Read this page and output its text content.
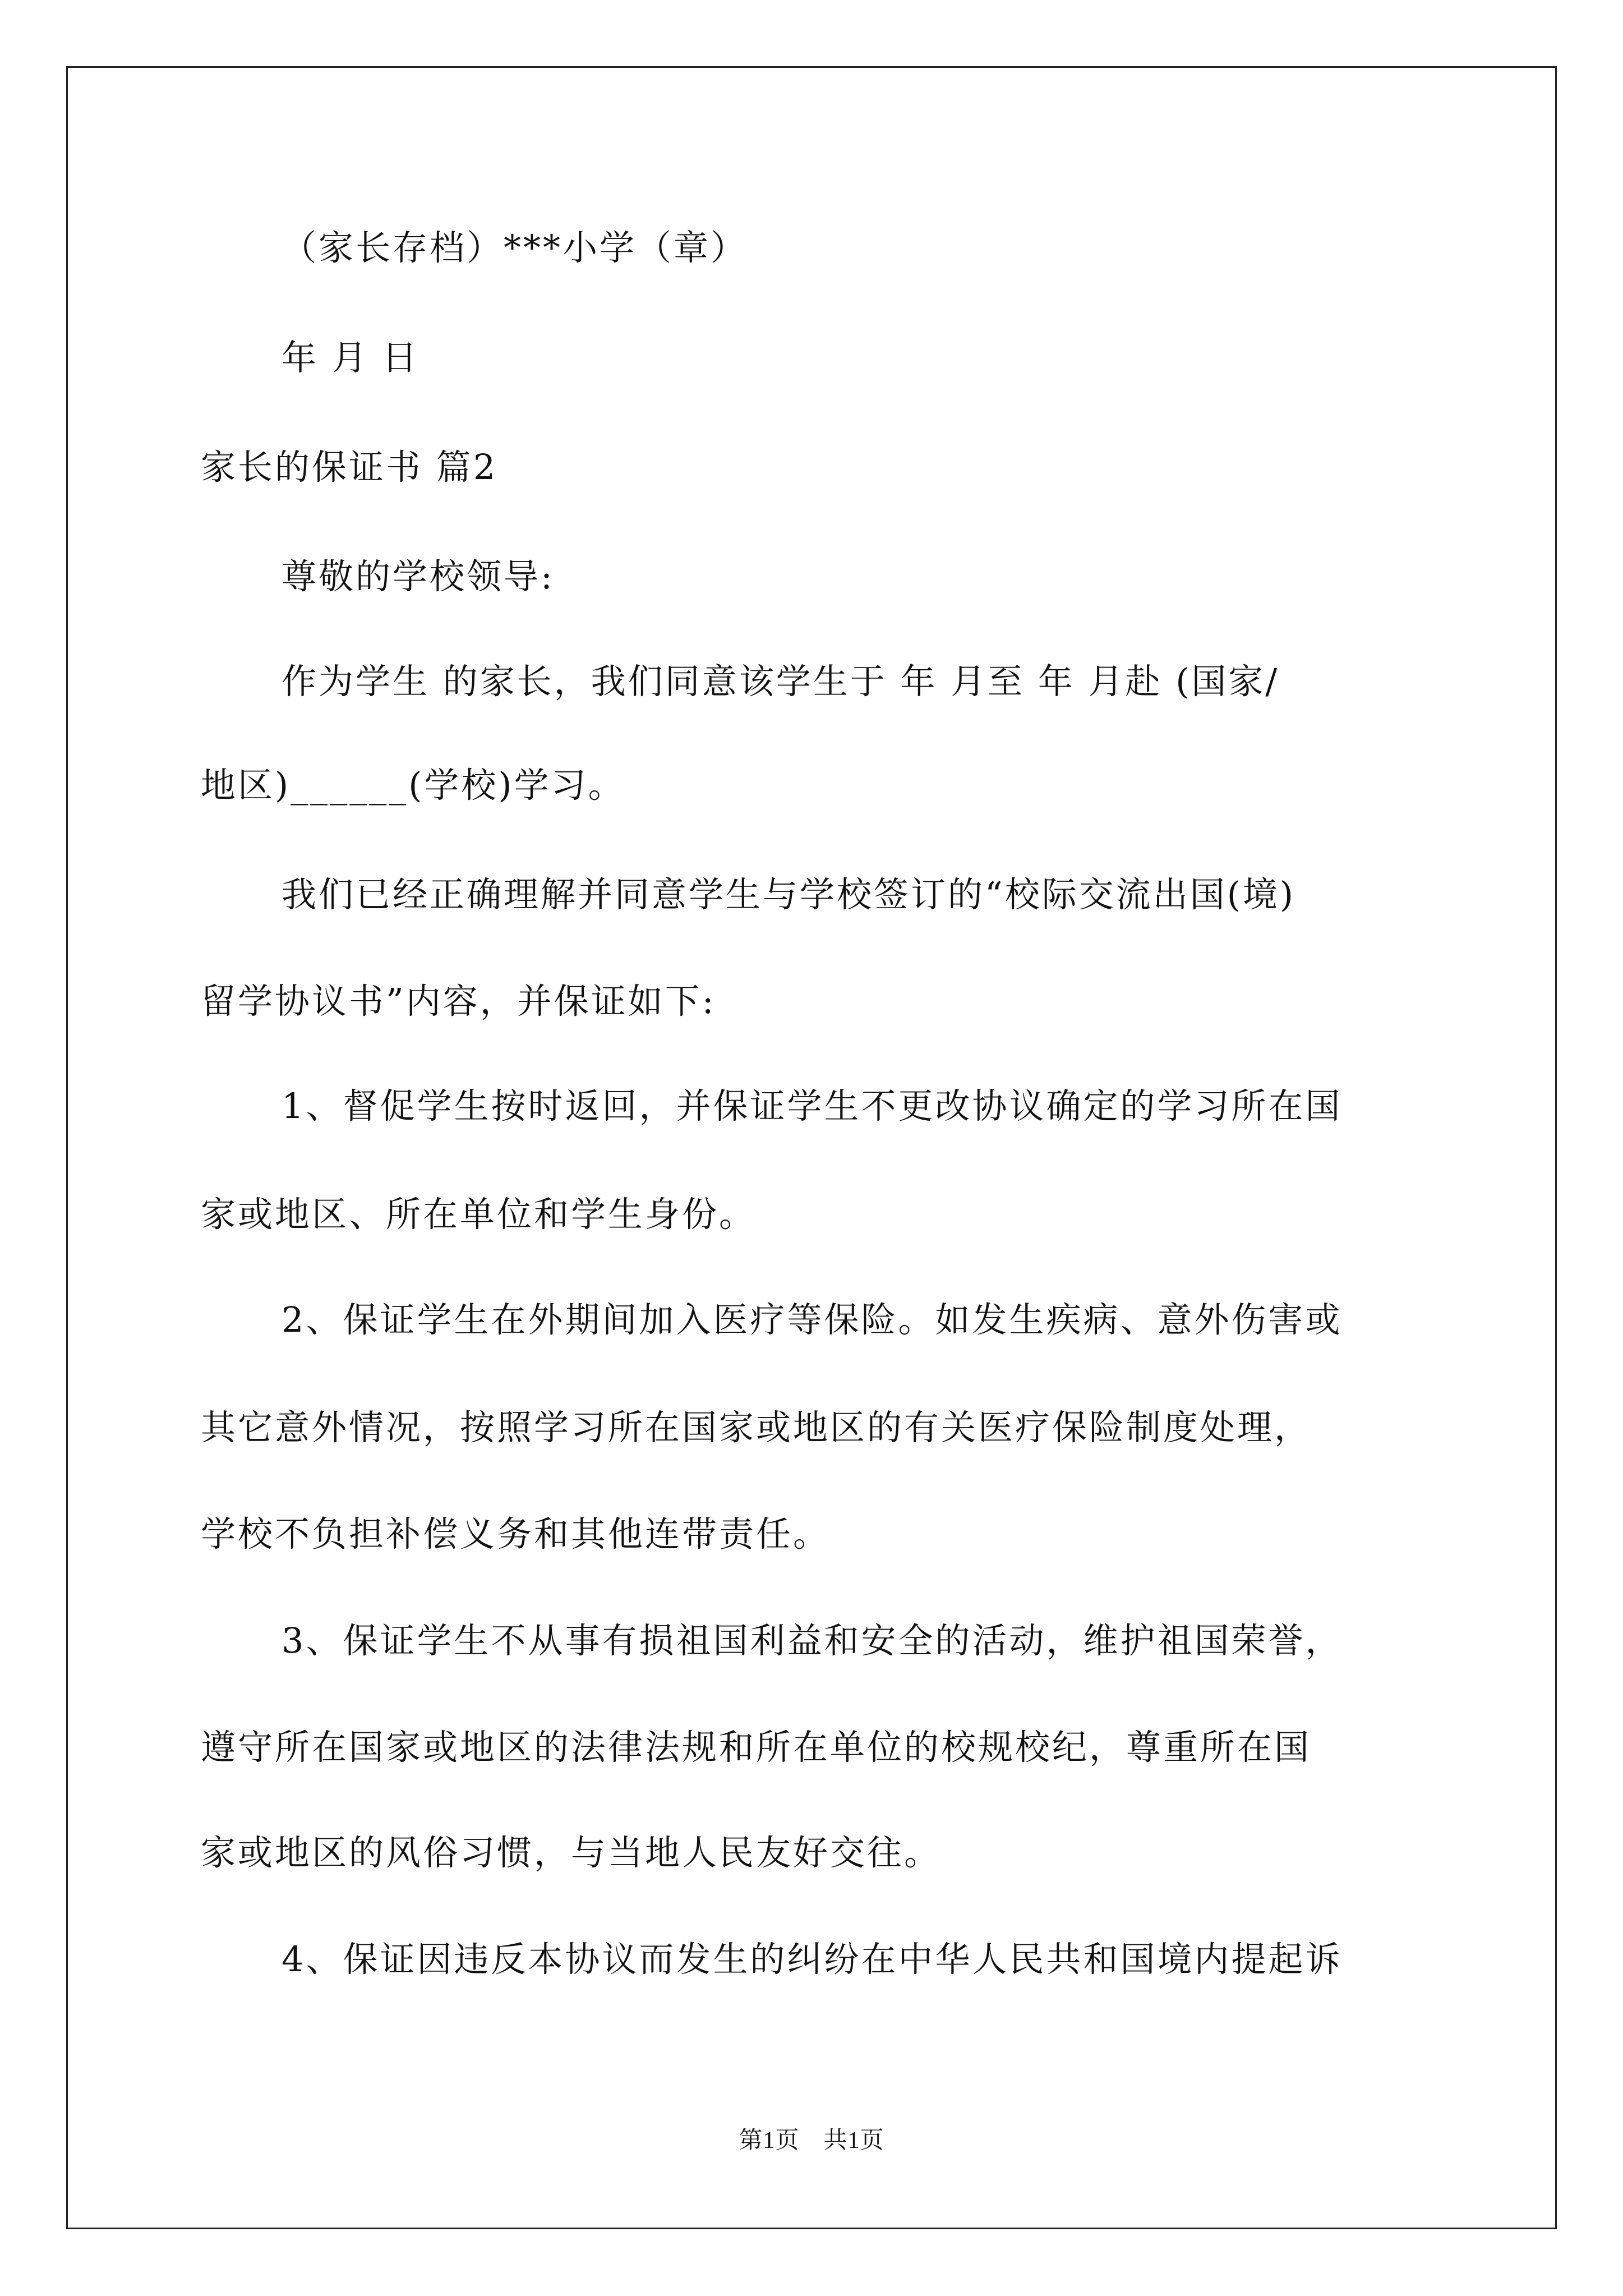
（家长存档）***小学（章）
年 月 日
家长的保证书 篇2
尊敬的学校领导:
作为学生 的家长，我们同意该学生于 年 月至 年 月赴 (国家/
地区)______(学校)学习。
我们已经正确理解并同意学生与学校签订的“校际交流出国(境)
留学协议书”内容，并保证如下:
1、督促学生按时返回，并保证学生不更改协议确定的学习所在国
家或地区、所在单位和学生身份。
2、保证学生在外期间加入医疗等保险。如发生疾病、意外伤害或
其它意外情况，按照学习所在国家或地区的有关医疗保险制度处理，
学校不负担补偿义务和其他连带责任。
3、保证学生不从事有损祖国利益和安全的活动，维护祖国荣誉，
遵守所在国家或地区的法律法规和所在单位的校规校纪，尊重所在国
家或地区的风俗习惯，与当地人民友好交往。
4、保证因违反本协议而发生的纠纷在中华人民共和国境内提起诉
第1页　共1页
